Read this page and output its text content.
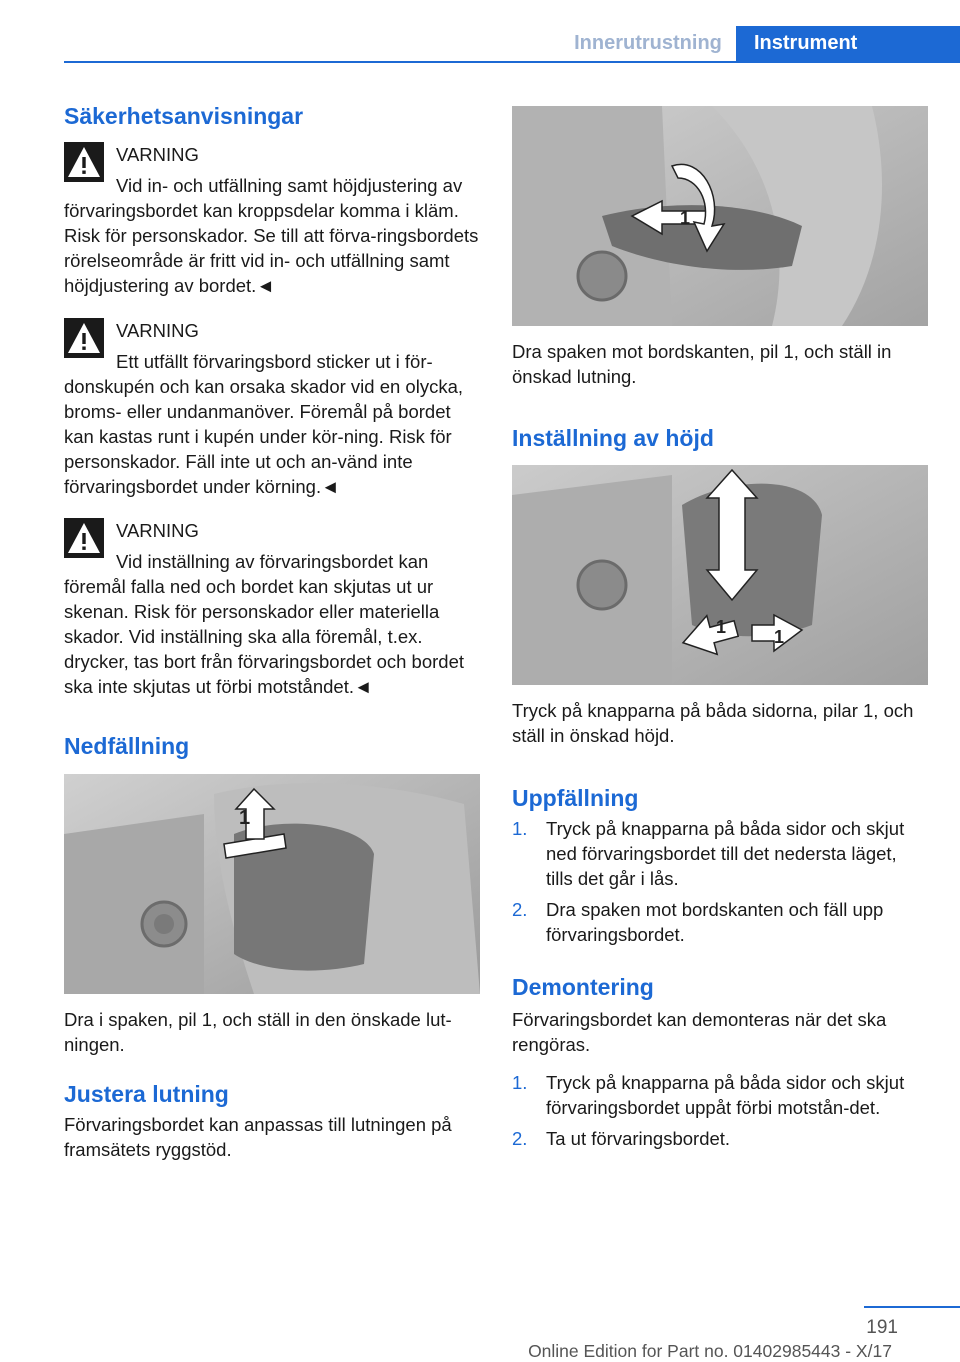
Innerutrustning	Instrument
Säkerhetsanvisningar
VARNING
Vid in- och utfällning samt höjdjustering av förvaringsbordet kan kroppsdelar komma i kläm. Risk för personskador. Se till att förva-ringsbordets rörelseområde är fritt vid in- och utfällning samt höjdjustering av bordet.◄
VARNING
Ett utfällt förvaringsbord sticker ut i för-donskupén och kan orsaka skador vid en olycka, broms- eller undanmanöver. Föremål på bordet kan kastas runt i kupén under kör-ning. Risk för personskador. Fäll inte ut och an-vänd inte förvaringsbordet under körning.◄
VARNING
Vid inställning av förvaringsbordet kan föremål falla ned och bordet kan skjutas ut ur skenan. Risk för personskador eller materiella skador. Vid inställning ska alla föremål, t.ex. drycker, tas bort från förvaringsbordet och bordet ska inte skjutas ut förbi motståndet.◄
Nedfällning
1

Dra i spaken, pil 1, och ställ in den önskade lut-ningen.

Justera lutning

Förvaringsbordet kan anpassas till lutningen på framsätets ryggstöd.

1

Dra spaken mot bordskanten, pil 1, och ställ in önskad lutning.

Inställning av höjd
1	1

Tryck på knapparna på båda sidorna, pilar 1, och ställ in önskad höjd.

Uppfällning
1. Tryck på knapparna på båda sidor och skjut ned förvaringsbordet till det nedersta läget, tills det går i lås.
2. Dra spaken mot bordskanten och fäll upp förvaringsbordet.
Demontering

Förvaringsbordet kan demonteras när det ska rengöras.

1. Tryck på knapparna på båda sidor och skjut förvaringsbordet uppåt förbi motstån-det.
2. Ta ut förvaringsbordet.
191
Online Edition for Part no. 01402985443 - X/17
